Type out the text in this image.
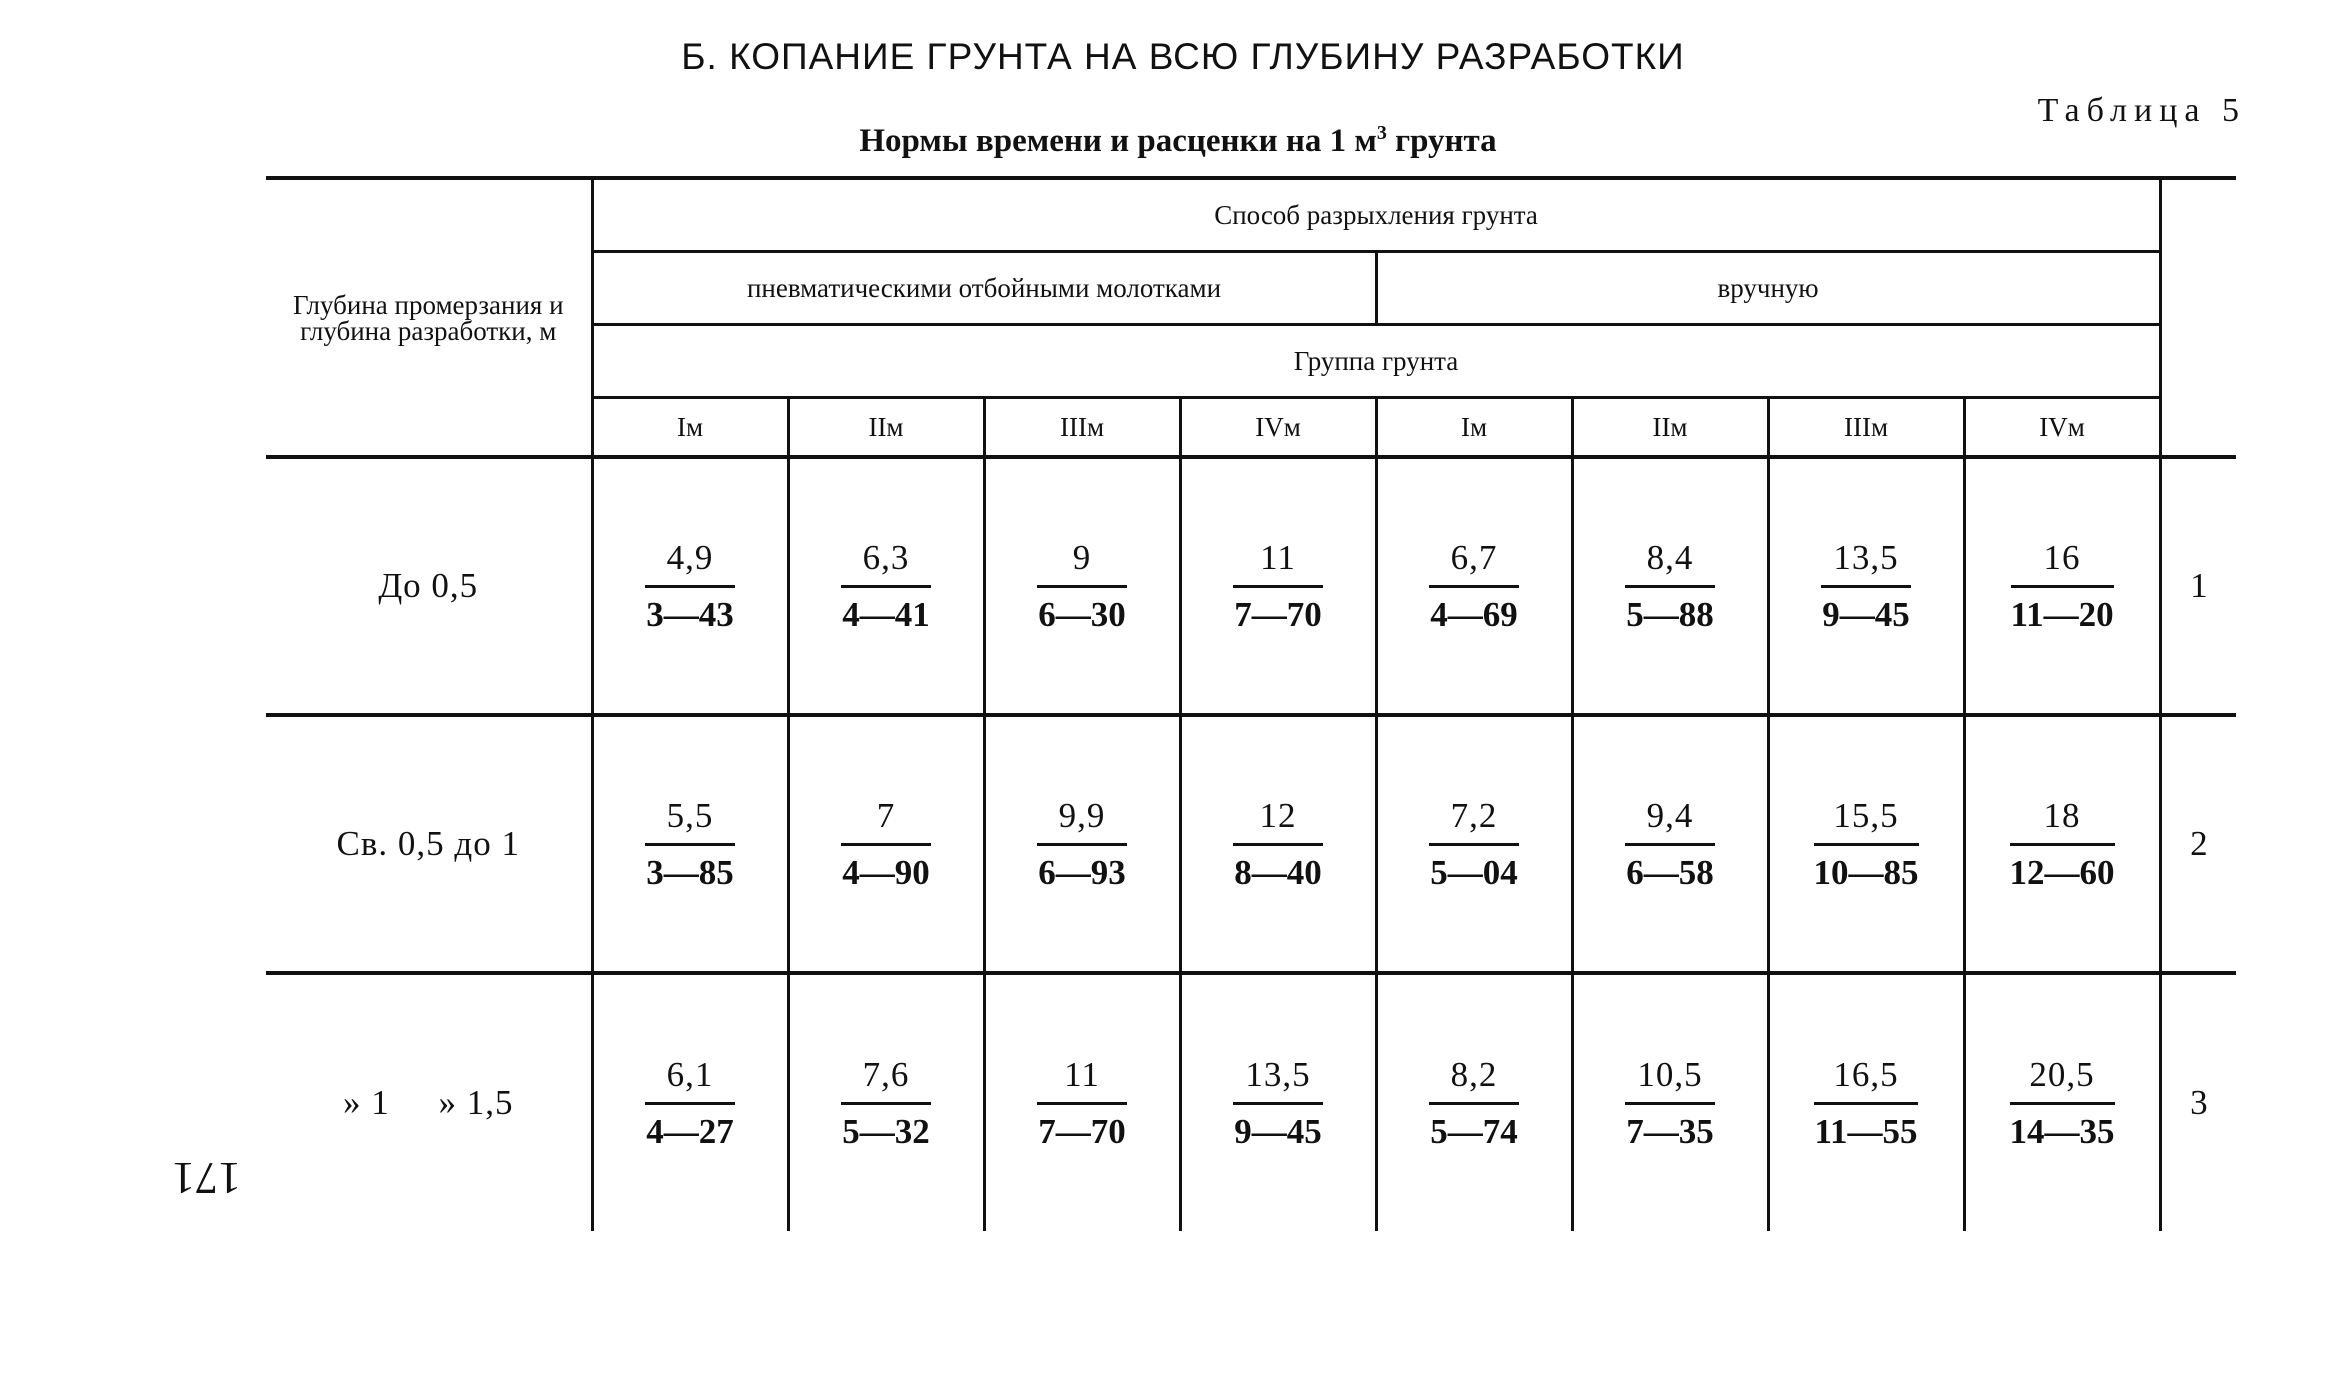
Б. КОПАНИЕ ГРУНТА НА ВСЮ ГЛУБИНУ РАЗРАБОТКИ
Таблица 5
Нормы времени и расценки на 1 $м^3$ грунта
Глубина промерзания и глубина разработки, м	Способ разрыхления грунта								
	пневматическими отбойными молотками				вручную				
	Группа грунта								
	Iм	IIм	IIIм	IVм	Iм	IIм	IIIм	IVм	
До 0,5	$\frac{4,9}{3—43}$	$\frac{6,3}{4—41}$	$\frac{9}{6—30}$	$\frac{11}{7—70}$	$\frac{6,7}{4—69}$	$\frac{8,4}{5—88}$	$\frac{13,5}{9—45}$	$\frac{16}{11—20}$	1
Св. 0,5 до 1	$\frac{5,5}{3—85}$	$\frac{7}{4—90}$	$\frac{9,9}{6—93}$	$\frac{12}{8—40}$	$\frac{7,2}{5—04}$	$\frac{9,4}{6—58}$	$\frac{15,5}{10—85}$	$\frac{18}{12—60}$	2
» 1     » 1,5	$\frac{6,1}{4—27}$	$\frac{7,6}{5—32}$	$\frac{11}{7—70}$	$\frac{13,5}{9—45}$	$\frac{8,2}{5—74}$	$\frac{10,5}{7—35}$	$\frac{16,5}{11—55}$	$\frac{20,5}{14—35}$	3
171
